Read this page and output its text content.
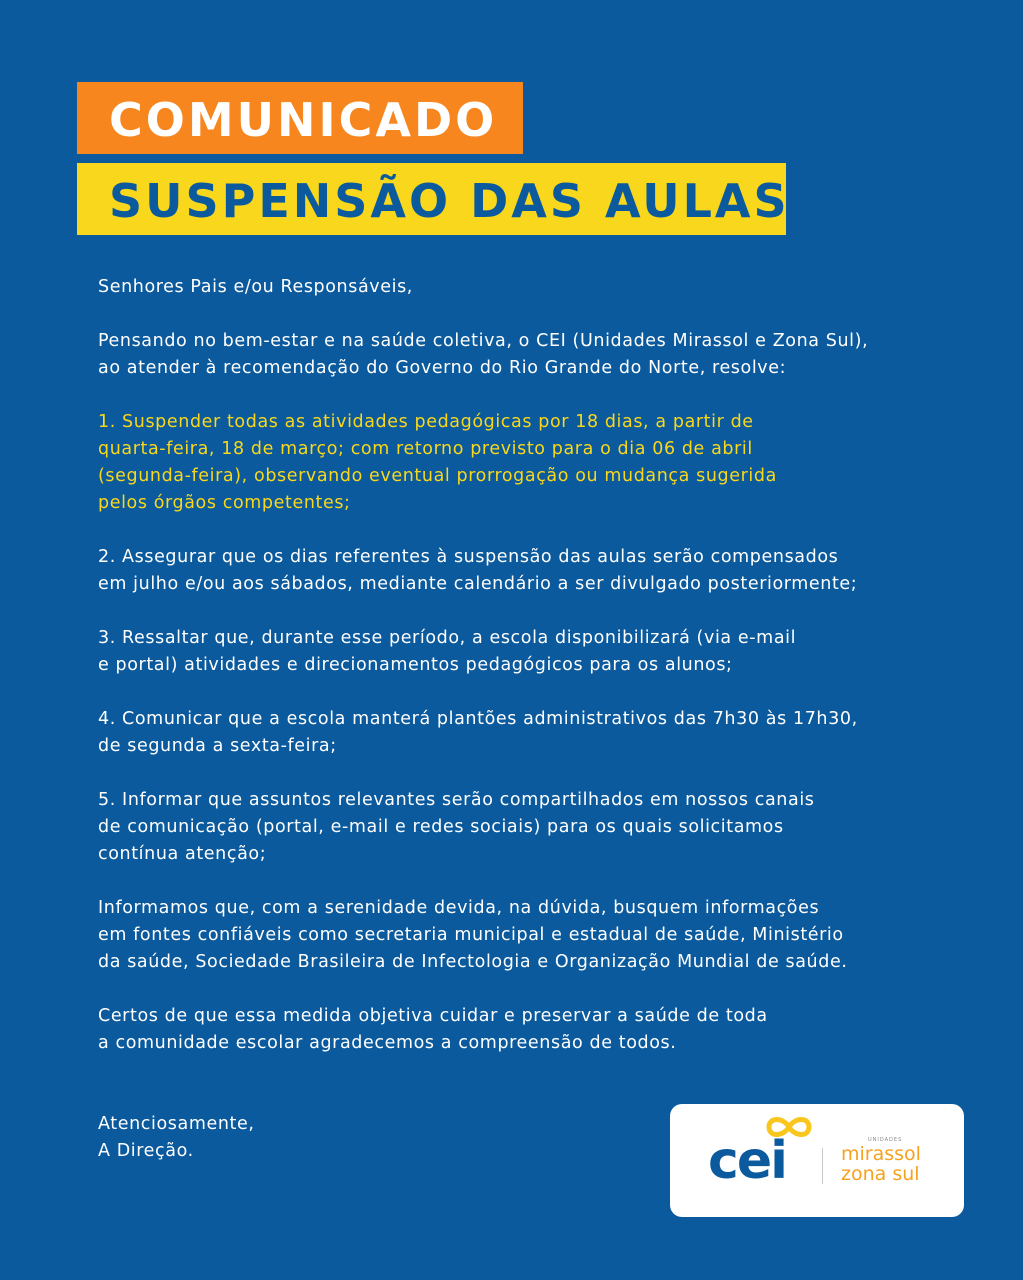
COMUNICADO
SUSPENSÃO DAS AULAS

Senhores Pais e/ou Responsáveis,

Pensando no bem-estar e na saúde coletiva, o CEI (Unidades Mirassol e Zona Sul),

ao atender à recomendação do Governo do Rio Grande do Norte, resolve:

1. Suspender todas as atividades pedagógicas por 18 dias, a partir de

quarta-feira, 18 de março; com retorno previsto para o dia 06 de abril

(segunda-feira), observando eventual prorrogação ou mudança sugerida

pelos órgãos competentes;

2. Assegurar que os dias referentes à suspensão das aulas serão compensados

em julho e/ou aos sábados, mediante calendário a ser divulgado posteriormente;

3. Ressaltar que, durante esse período, a escola disponibilizará (via e-mail

e portal) atividades e direcionamentos pedagógicos para os alunos;

4. Comunicar que a escola manterá plantões administrativos das 7h30 às 17h30,

de segunda a sexta-feira;

5. Informar que assuntos relevantes serão compartilhados em nossos canais

de comunicação (portal, e-mail e redes sociais) para os quais solicitamos

contínua atenção;

Informamos que, com a serenidade devida, na dúvida, busquem informações

em fontes confiáveis como secretaria municipal e estadual de saúde, Ministério

da saúde, Sociedade Brasileira de Infectologia e Organização Mundial de saúde.

Certos de que essa medida objetiva cuidar e preservar a saúde de toda

a comunidade escolar agradecemos a compreensão de todos.

Atenciosamente,

A Direção.	cei	UNIDADES
mirassol
zona sul
